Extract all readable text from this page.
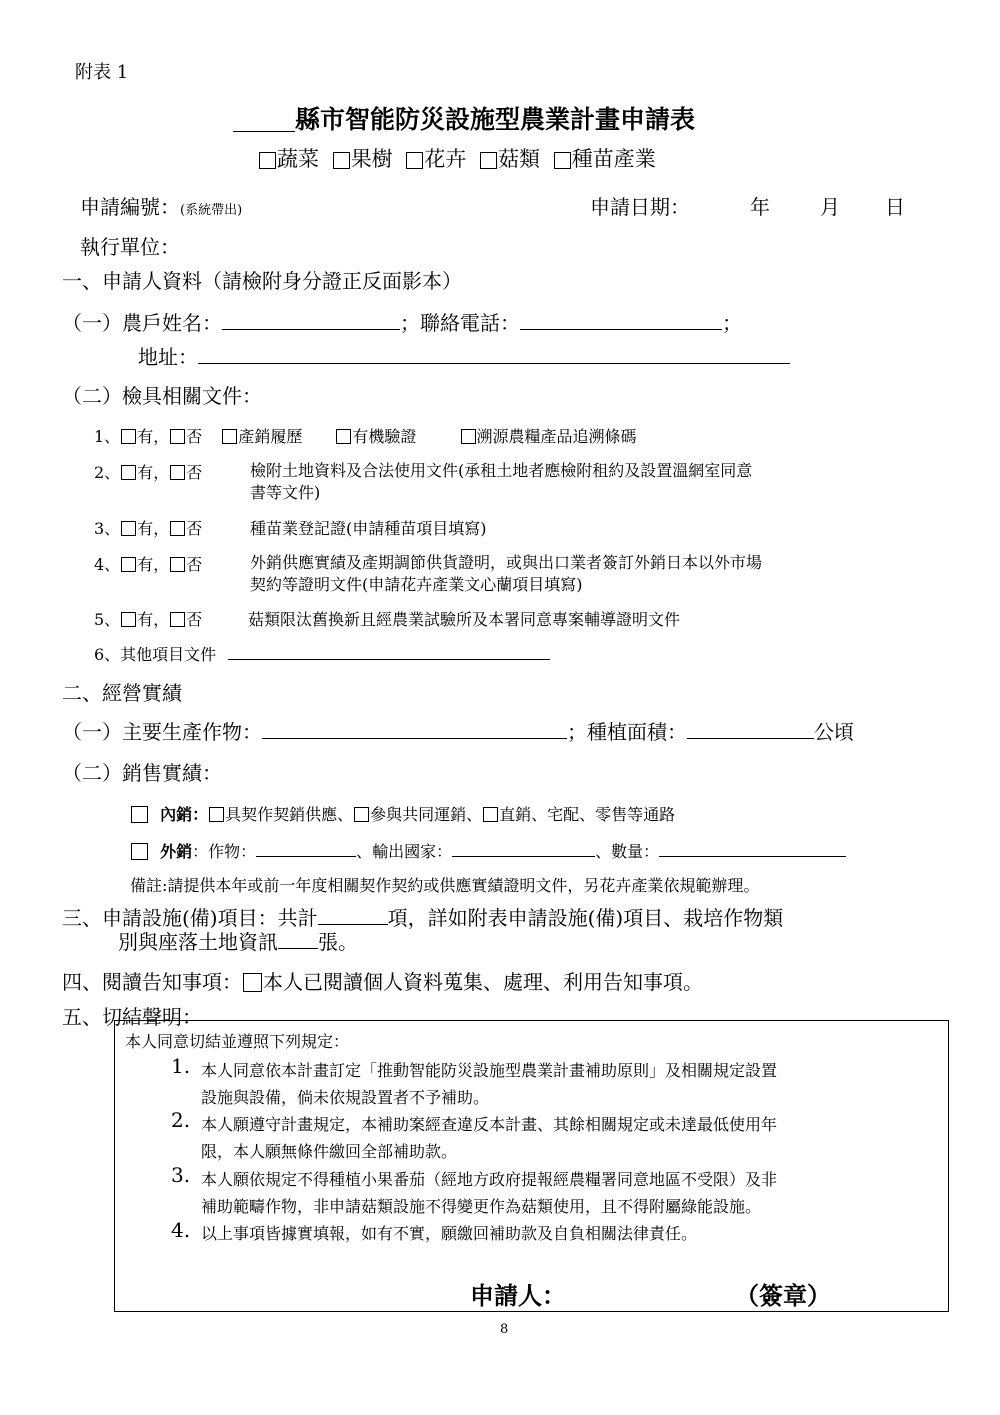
附表 1
縣市智能防災設施型農業計畫申請表
蔬菜 果樹 花卉 菇類 種苗產業
申請編號：(系統帶出)	申請日期：	年	月 日
執行單位：
一、申請人資料（請檢附身分證正反面影本）
（一）農戶姓名：	；聯絡電話：	；
地址：
（二）檢具相關文件：
1、 有， 否 產銷履歷	有機驗證	溯源農糧產品追溯條碼
2、 有， 否	檢附土地資料及合法使用文件(承租土地者應檢附租約及設置溫網室同意
書等文件)
3、 有， 否	種苗業登記證(申請種苗項目填寫)
4、 有， 否	外銷供應實績及產期調節供貨證明，或與出口業者簽訂外銷日本以外市場
契約等證明文件(申請花卉產業文心蘭項目填寫)
5、 有， 否	菇類限汰舊換新且經農業試驗所及本署同意專案輔導證明文件
6、其他項目文件
二、經營實績
（一）主要生產作物：	；種植面積：	公頃
（二）銷售實績：
內銷： 具契作契銷供應、 參與共同運銷、 直銷、宅配、零售等通路
外銷：作物：	、輸出國家：	、數量：
備註:請提供本年或前一年度相關契作契約或供應實績證明文件，另花卉產業依規範辦理。
三、申請設施(備)項目：共計	項，詳如附表申請設施(備)項目、栽培作物類
別與座落土地資訊 張。
四、閱讀告知事項： 本人已閱讀個人資料蒐集、處理、利用告知事項。
五、切結聲明：
本人同意切結並遵照下列規定：
1. 本人同意依本計畫訂定「推動智能防災設施型農業計畫補助原則」及相關規定設置
設施與設備，倘未依規設置者不予補助。
2. 本人願遵守計畫規定，本補助案經查違反本計畫、其餘相關規定或未達最低使用年
限，本人願無條件繳回全部補助款。
3. 本人願依規定不得種植小果番茄（經地方政府提報經農糧署同意地區不受限）及非
補助範疇作物，非申請菇類設施不得變更作為菇類使用，且不得附屬綠能設施。
4. 以上事項皆據實填報，如有不實，願繳回補助款及自負相關法律責任。
申請人：	（簽章）
8
